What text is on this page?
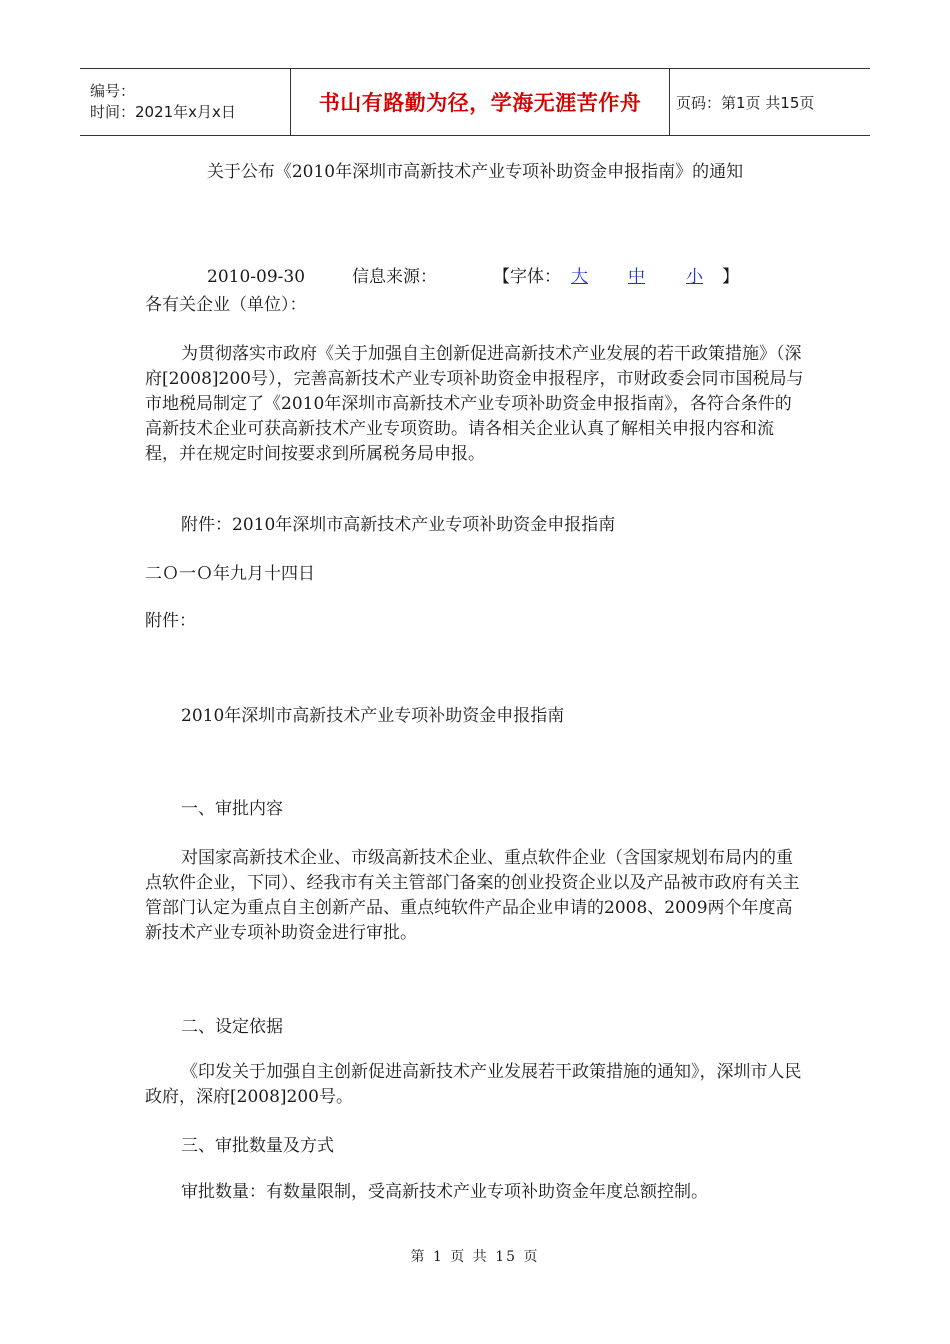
编号：
时间：2021年x月x日	书山有路勤为径，学海无涯苦作舟	页码：第1页 共15页

关于公布《2010年深圳市高新技术产业专项补助资金申报指南》的通知

2010-09-30	信息来源：	【字体： 大 中 小 】

各有关企业（单位）：

为贯彻落实市政府《关于加强自主创新促进高新技术产业发展的若干政策措施》（深府[2008]200号），完善高新技术产业专项补助资金申报程序，市财政委会同市国税局与市地税局制定了《2010年深圳市高新技术产业专项补助资金申报指南》，各符合条件的高新技术企业可获高新技术产业专项资助。请各相关企业认真了解相关申报内容和流程，并在规定时间按要求到所属税务局申报。

附件：2010年深圳市高新技术产业专项补助资金申报指南

二Ｏ一Ｏ年九月十四日

附件：

2010年深圳市高新技术产业专项补助资金申报指南

一、审批内容

对国家高新技术企业、市级高新技术企业、重点软件企业（含国家规划布局内的重点软件企业，下同）、经我市有关主管部门备案的创业投资企业以及产品被市政府有关主管部门认定为重点自主创新产品、重点纯软件产品企业申请的2008、2009两个年度高新技术产业专项补助资金进行审批。

二、设定依据

《印发关于加强自主创新促进高新技术产业发展若干政策措施的通知》，深圳市人民政府，深府[2008]200号。

三、审批数量及方式

审批数量：有数量限制，受高新技术产业专项补助资金年度总额控制。

第 1 页 共 15 页
